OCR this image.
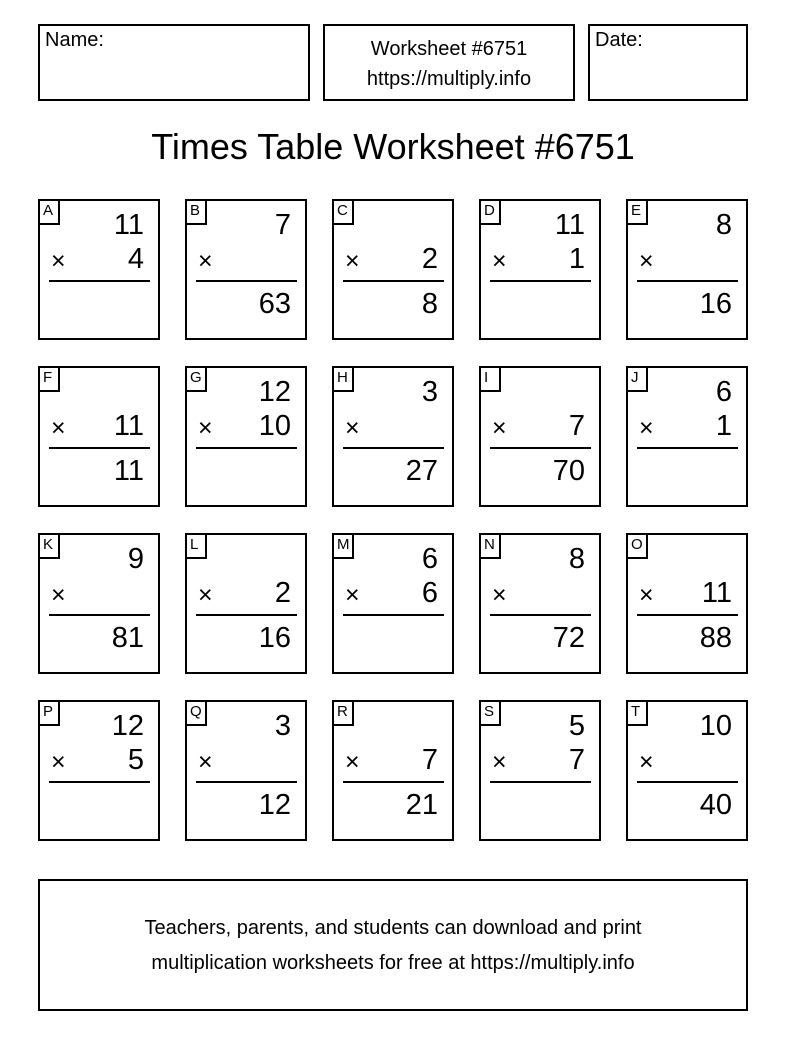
Name:	Worksheet #6751
https://multiply.info
Date:
Times Table Worksheet #6751
A 11
× 4
B	7
×
63
C
× 2
8
D 11
× 1
E	8
×
16
F
× 11
11
G 12
× 10
H	3
×
27
I
× 7
70
J	6
× 1
K	9
×
81
L
× 2
16
M 6
× 6
N	8
×
72
O
× 11
88
P 12
× 5
Q	3
×
12
R
× 7
21
S	5
× 7
T 10
×
40
Teachers, parents, and students can download and print
multiplication worksheets for free at https://multiply.info
